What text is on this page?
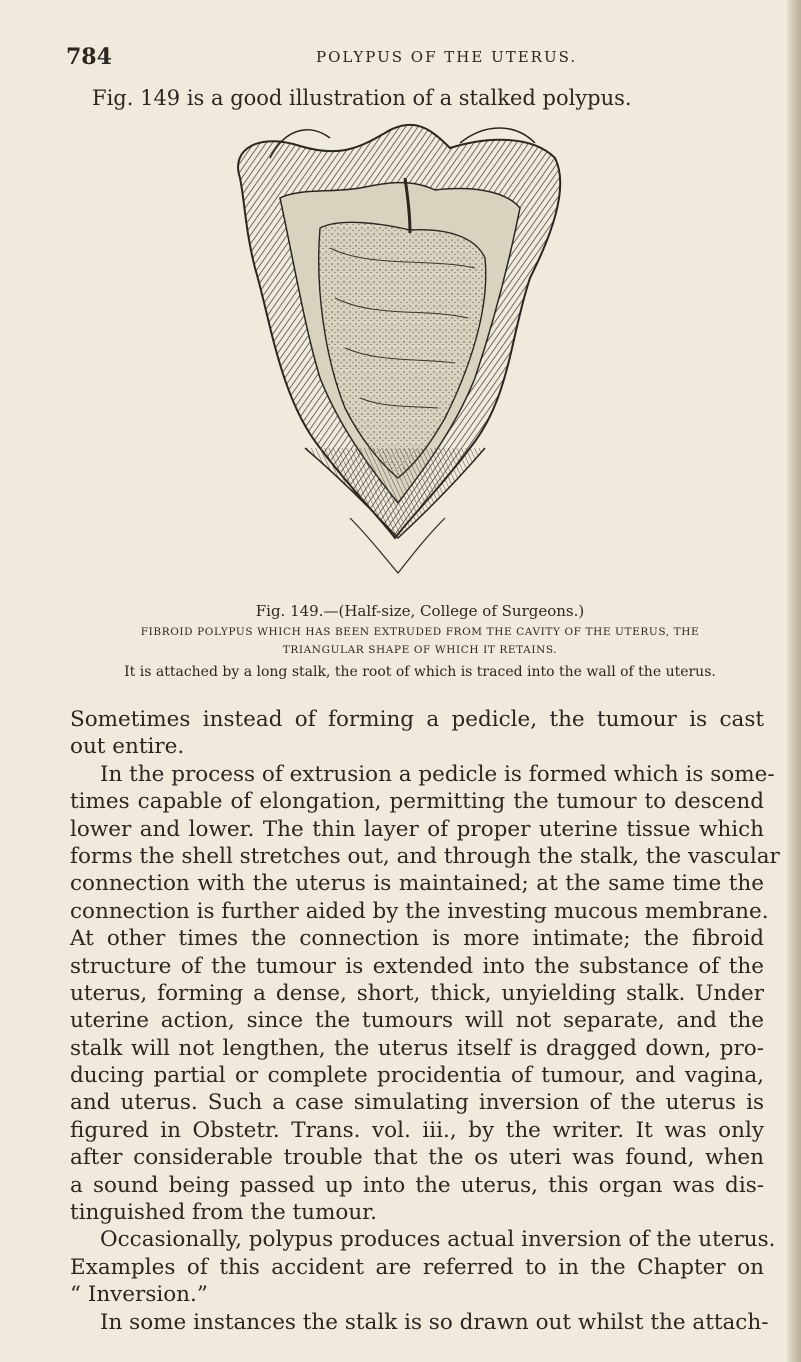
784	POLYPUS OF THE UTERUS.
Fig. 149 is a good illustration of a stalked polypus.
Fig. 149.—(Half-size, College of Surgeons.)
FIBROID POLYPUS WHICH HAS BEEN EXTRUDED FROM THE CAVITY OF THE UTERUS, THE
TRIANGULAR SHAPE OF WHICH IT RETAINS.
It is attached by a long stalk, the root of which is traced into the wall of the uterus.
Sometimes instead of forming a pedicle, the tumour is cast
out entire.
In the process of extrusion a pedicle is formed which is some-
times capable of elongation, permitting the tumour to descend
lower and lower. The thin layer of proper uterine tissue which
forms the shell stretches out, and through the stalk, the vascular
connection with the uterus is maintained; at the same time the
connection is further aided by the investing mucous membrane.
At other times the connection is more intimate; the fibroid
structure of the tumour is extended into the substance of the
uterus, forming a dense, short, thick, unyielding stalk. Under
uterine action, since the tumours will not separate, and the
stalk will not lengthen, the uterus itself is dragged down, pro-
ducing partial or complete procidentia of tumour, and vagina,
and uterus. Such a case simulating inversion of the uterus is
figured in Obstetr. Trans. vol. iii., by the writer. It was only
after considerable trouble that the os uteri was found, when
a sound being passed up into the uterus, this organ was dis-
tinguished from the tumour.
Occasionally, polypus produces actual inversion of the uterus.
Examples of this accident are referred to in the Chapter on
“ Inversion.”
In some instances the stalk is so drawn out whilst the attach-
